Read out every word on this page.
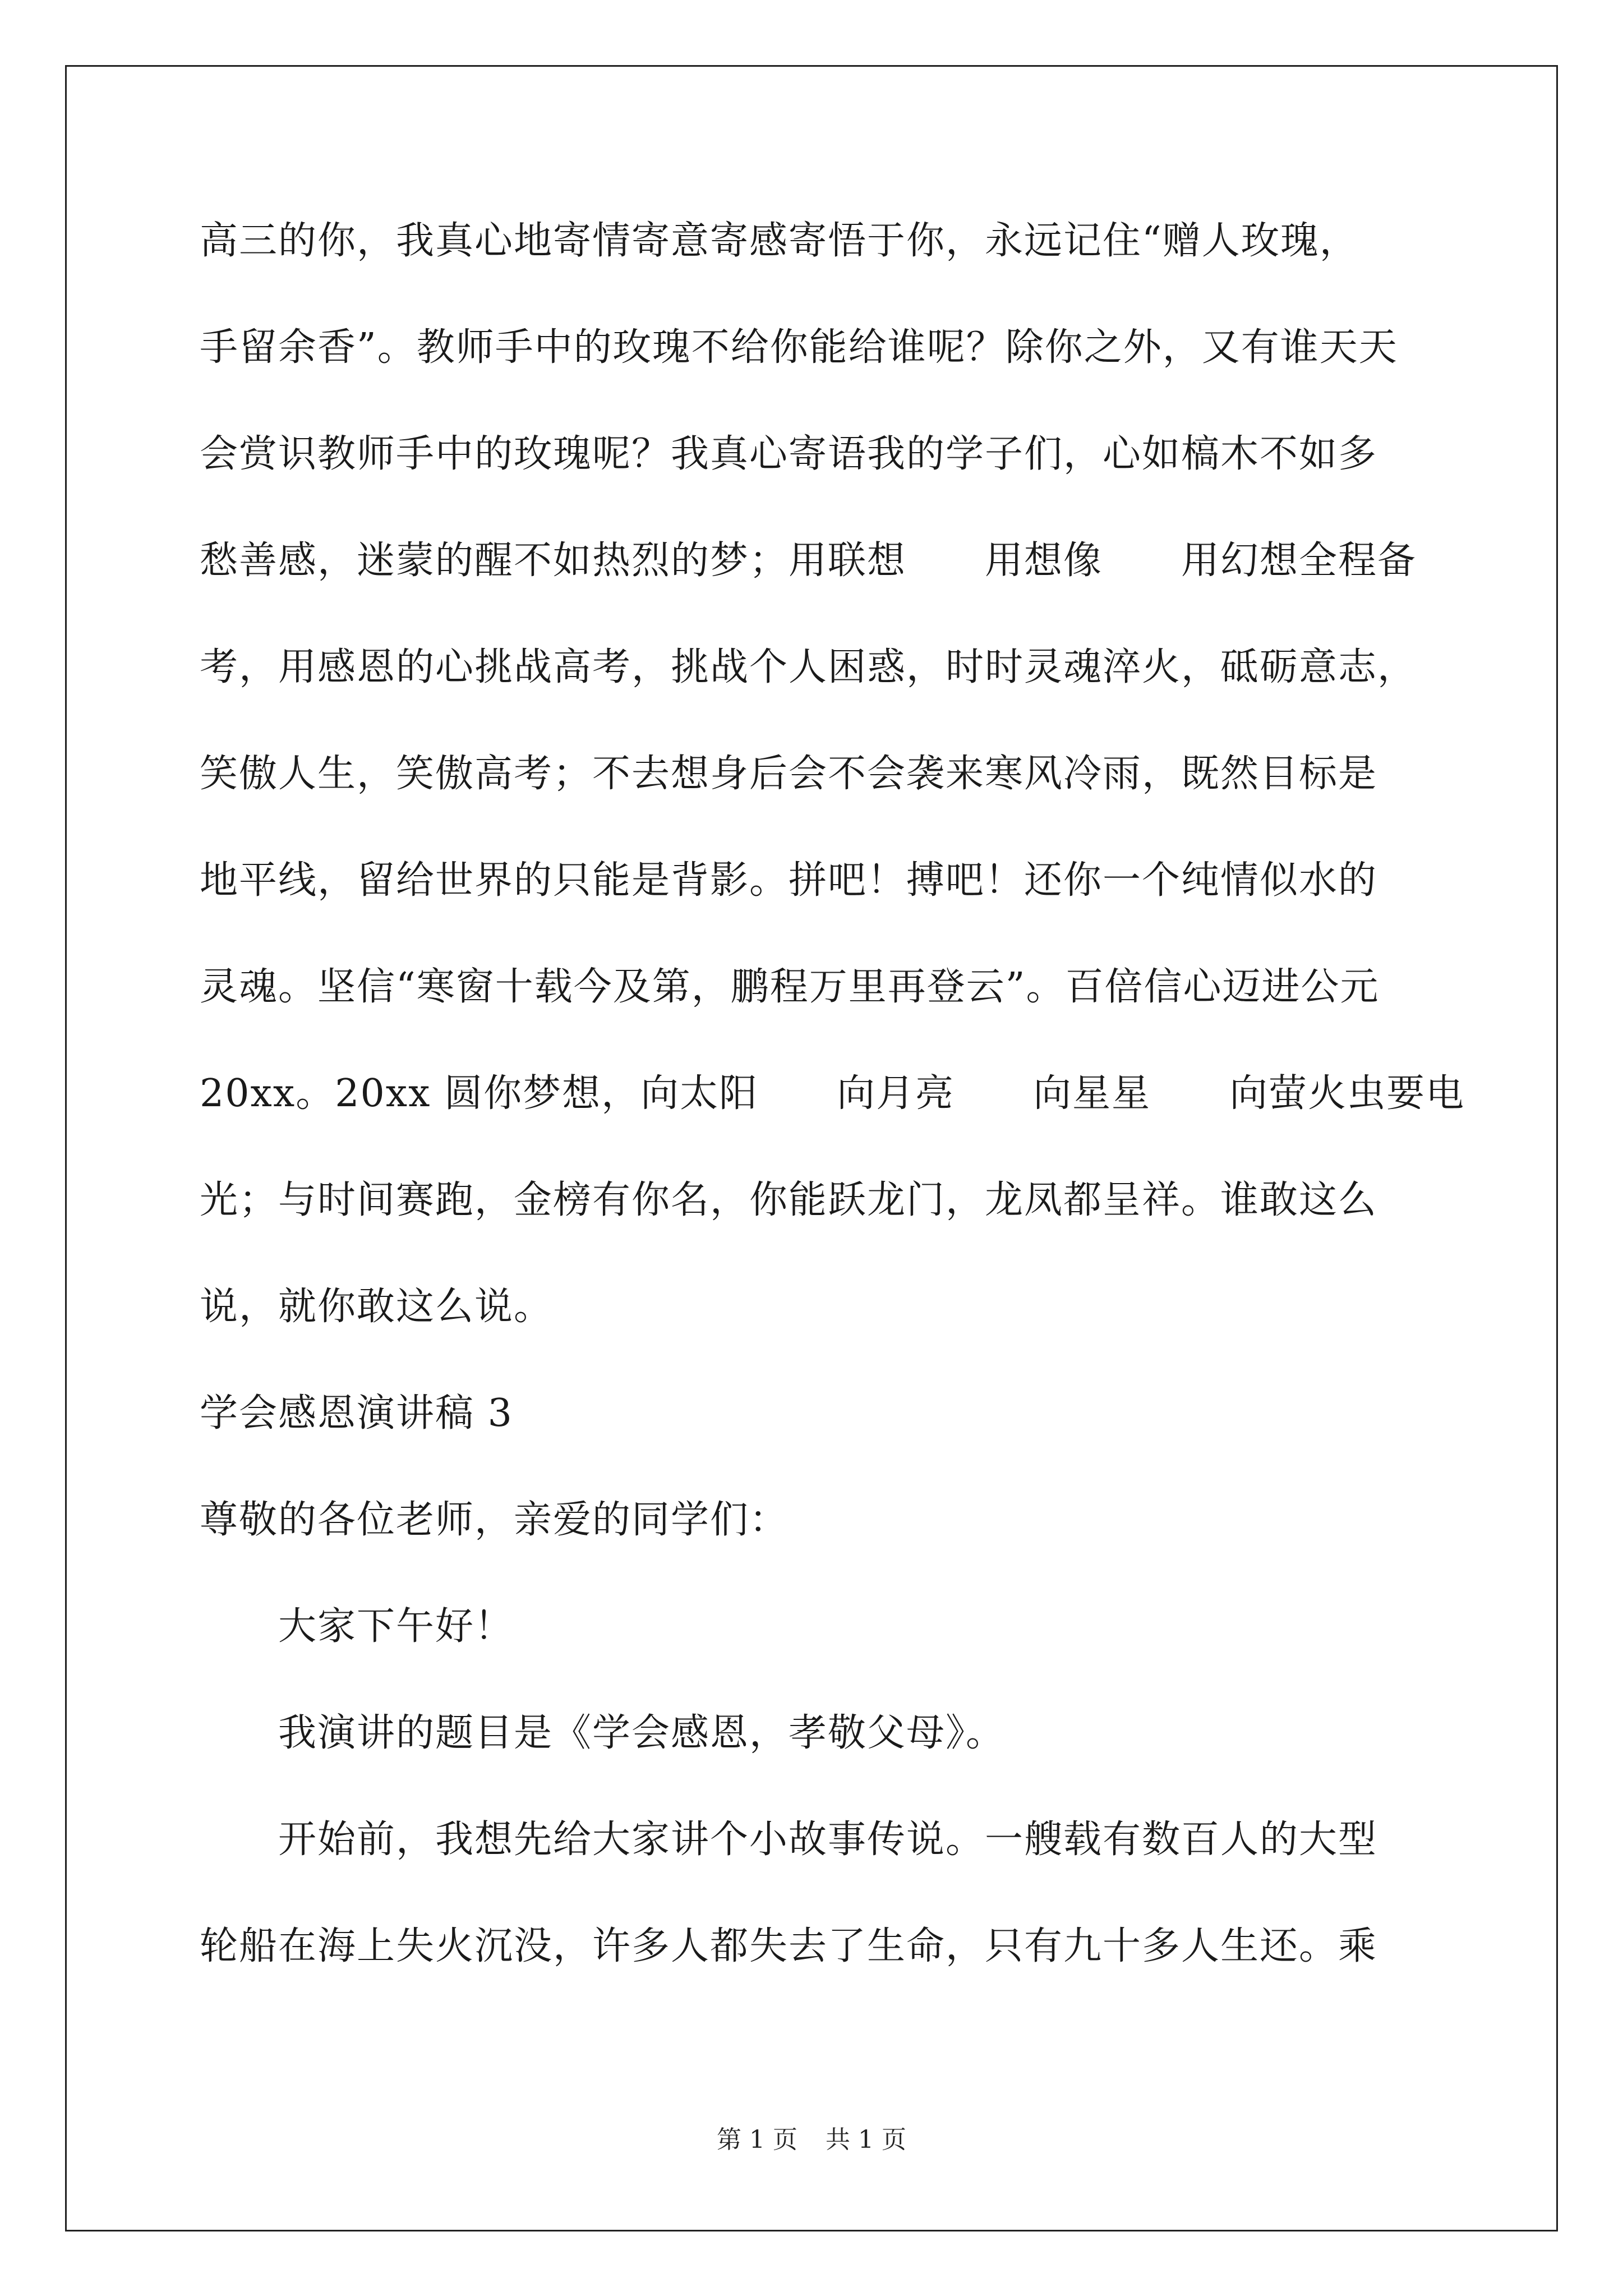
高三的你，我真心地寄情寄意寄感寄悟于你，永远记住“赠人玫瑰，
手留余香”。教师手中的玫瑰不给你能给谁呢？除你之外，又有谁天天
会赏识教师手中的玫瑰呢？我真心寄语我的学子们，心如槁木不如多
愁善感，迷蒙的醒不如热烈的梦；用联想　　用想像　　用幻想全程备
考，用感恩的心挑战高考，挑战个人困惑，时时灵魂淬火，砥砺意志，
笑傲人生，笑傲高考；不去想身后会不会袭来寒风冷雨，既然目标是
地平线，留给世界的只能是背影。拼吧！搏吧！还你一个纯情似水的
灵魂。坚信“寒窗十载今及第，鹏程万里再登云”。百倍信心迈进公元
20xx。20xx 圆你梦想，向太阳　　向月亮　　向星星　　向萤火虫要电
光；与时间赛跑，金榜有你名，你能跃龙门，龙凤都呈祥。谁敢这么
说，就你敢这么说。
学会感恩演讲稿 3
尊敬的各位老师，亲爱的同学们：
大家下午好！
我演讲的题目是《学会感恩，孝敬父母》。
开始前，我想先给大家讲个小故事传说。一艘载有数百人的大型
轮船在海上失火沉没，许多人都失去了生命，只有九十多人生还。乘
第 1 页 共 1 页
